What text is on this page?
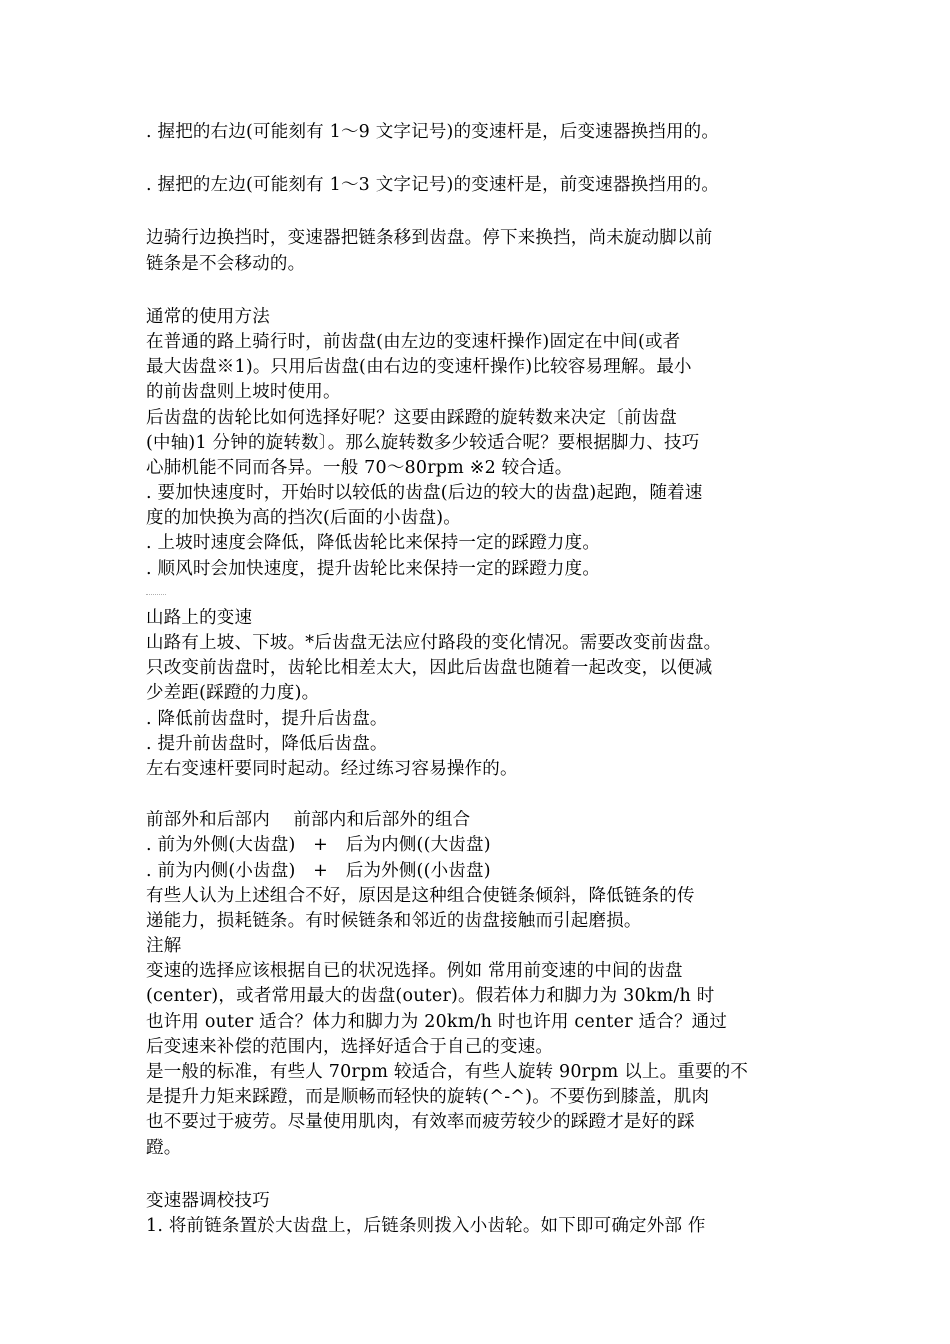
. 握把的右边(可能刻有 1～9 文字记号)的变速杆是，后变速器换挡用的。
. 握把的左边(可能刻有 1～3 文字记号)的变速杆是，前变速器换挡用的。
边骑行边换挡时，变速器把链条移到齿盘。停下来换挡，尚未旋动脚以前
链条是不会移动的。
通常的使用方法
在普通的路上骑行时，前齿盘(由左边的变速杆操作)固定在中间(或者
最大齿盘※1)。只用后齿盘(由右边的变速杆操作)比较容易理解。最小
的前齿盘则上坡时使用。
后齿盘的齿轮比如何选择好呢？这要由踩蹬的旋转数来决定〔前齿盘
(中轴)1 分钟的旋转数〕。那么旋转数多少较适合呢？要根据脚力、技巧
心肺机能不同而各异。一般 70～80rpm ※2 较合适。
. 要加快速度时，开始时以较低的齿盘(后边的较大的齿盘)起跑，随着速
度的加快换为高的挡次(后面的小齿盘)。
. 上坡时速度会降低，降低齿轮比来保持一定的踩蹬力度。
. 顺风时会加快速度，提升齿轮比来保持一定的踩蹬力度。
山路上的变速
山路有上坡、下坡。*后齿盘无法应付路段的变化情况。需要改变前齿盘。
只改变前齿盘时，齿轮比相差太大，因此后齿盘也随着一起改变，以便减
少差距(踩蹬的力度)。
. 降低前齿盘时，提升后齿盘。
. 提升前齿盘时，降低后齿盘。
左右变速杆要同时起动。经过练习容易操作的。
前部外和后部内　 前部内和后部外的组合
. 前为外侧(大齿盘)　+　后为内侧((大齿盘)
. 前为内侧(小齿盘)　+　后为外侧((小齿盘)
有些人认为上述组合不好，原因是这种组合使链条倾斜，降低链条的传
递能力，损耗链条。有时候链条和邻近的齿盘接触而引起磨损。
注解
变速的选择应该根据自已的状况选择。例如 常用前变速的中间的齿盘
(center)，或者常用最大的齿盘(outer)。假若体力和脚力为 30km/h 时
也许用 outer 适合？体力和脚力为 20km/h 时也许用 center 适合？通过
后变速来补偿的范围内，选择好适合于自己的变速。
是一般的标准，有些人 70rpm 较适合，有些人旋转 90rpm 以上。重要的不
是提升力矩来踩蹬，而是顺畅而轻快的旋转(^-^)。不要伤到膝盖，肌肉
也不要过于疲劳。尽量使用肌肉，有效率而疲劳较少的踩蹬才是好的踩
蹬。
变速器调校技巧
1. 将前链条置於大齿盘上，后链条则拨入小齿轮。如下即可确定外部 作
